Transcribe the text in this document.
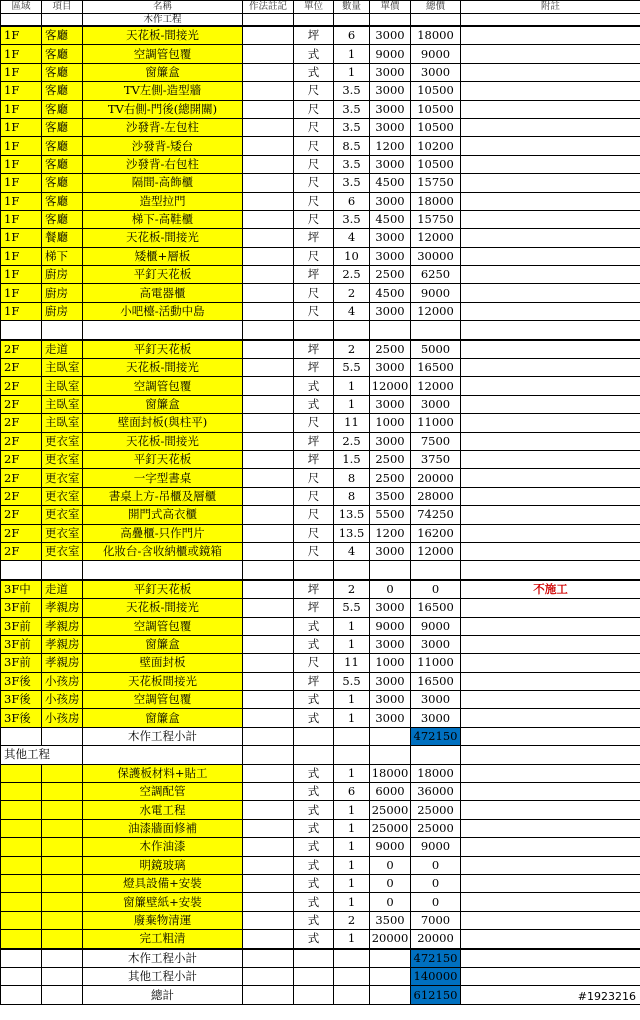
區域	項目	名稱	作法註記	單位	數量	單價	總價	附註
		木作工程						
1F	客廳	天花板-間接光		坪	6	3000	18000	
1F	客廳	空調管包覆		式	1	9000	9000	
1F	客廳	窗簾盒		式	1	3000	3000	
1F	客廳	TV左側-造型牆		尺	3.5	3000	10500	
1F	客廳	TV右側-門後(總開關)		尺	3.5	3000	10500	
1F	客廳	沙發背-左包柱		尺	3.5	3000	10500	
1F	客廳	沙發背-矮台		尺	8.5	1200	10200	
1F	客廳	沙發背-右包柱		尺	3.5	3000	10500	
1F	客廳	隔間-高飾櫃		尺	3.5	4500	15750	
1F	客廳	造型拉門		尺	6	3000	18000	
1F	客廳	梯下-高鞋櫃		尺	3.5	4500	15750	
1F	餐廳	天花板-間接光		坪	4	3000	12000	
1F	梯下	矮櫃+層板		尺	10	3000	30000	
1F	廚房	平釘天花板		坪	2.5	2500	6250	
1F	廚房	高電器櫃		尺	2	4500	9000	
1F	廚房	小吧檯-活動中島		尺	4	3000	12000	

2F	走道	平釘天花板		坪	2	2500	5000	
2F	主臥室	天花板-間接光		坪	5.5	3000	16500	
2F	主臥室	空調管包覆		式	1	12000	12000	
2F	主臥室	窗簾盒		式	1	3000	3000	
2F	主臥室	壁面封板(與柱平)		尺	11	1000	11000	
2F	更衣室	天花板-間接光		坪	2.5	3000	7500	
2F	更衣室	平釘天花板		坪	1.5	2500	3750	
2F	更衣室	一字型書桌		尺	8	2500	20000	
2F	更衣室	書桌上方-吊櫃及層櫃		尺	8	3500	28000	
2F	更衣室	開門式高衣櫃		尺	13.5	5500	74250	
2F	更衣室	高疊櫃-只作門片		尺	13.5	1200	16200	
2F	更衣室	化妝台-含收納櫃或鏡箱		尺	4	3000	12000	

3F中	走道	平釘天花板		坪	2	0	0	不施工
3F前	孝親房	天花板-間接光		坪	5.5	3000	16500	
3F前	孝親房	空調管包覆		式	1	9000	9000	
3F前	孝親房	窗簾盒		式	1	3000	3000	
3F前	孝親房	壁面封板		尺	11	1000	11000	
3F後	小孩房	天花板間接光		坪	5.5	3000	16500	
3F後	小孩房	空調管包覆		式	1	3000	3000	
3F後	小孩房	窗簾盒		式	1	3000	3000	
		木作工程小計					472150	
其他工程								
		保護板材料+貼工		式	1	18000	18000	
		空調配管		式	6	6000	36000	
		水電工程		式	1	25000	25000	
		油漆牆面修補		式	1	25000	25000	
		木作油漆		式	1	9000	9000	
		明鏡玻璃		式	1	0	0	
		燈具設備+安裝		式	1	0	0	
		窗簾壁紙+安裝		式	1	0	0	
		廢棄物清運		式	2	3500	7000	
		完工粗清		式	1	20000	20000	
		木作工程小計					472150	
		其他工程小計					140000	
		總計					612150		#1923216
